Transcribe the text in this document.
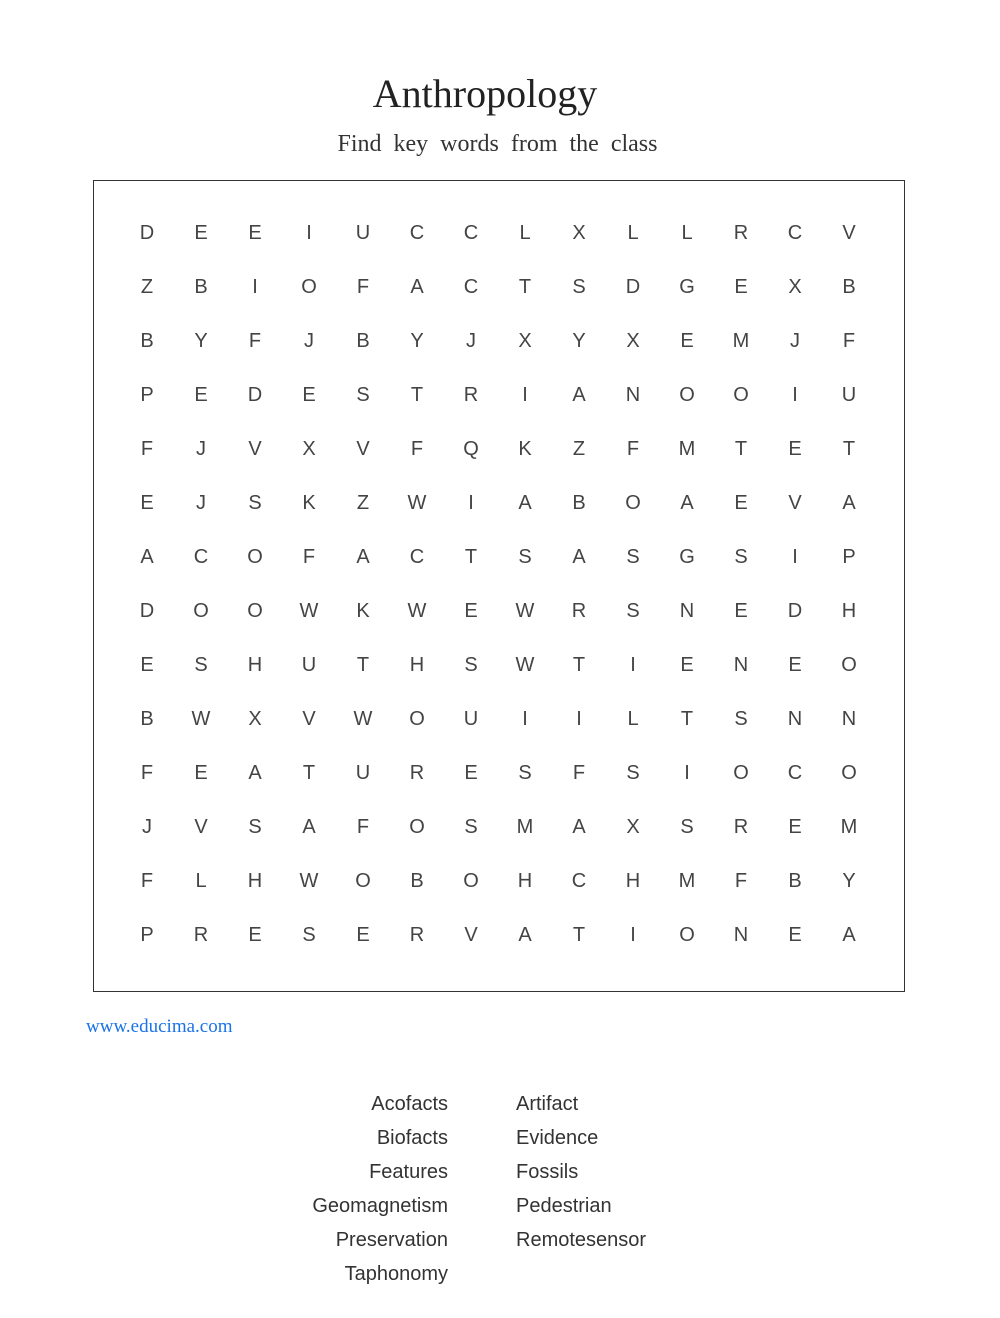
Anthropology
Find key words from the class
D	E	E	I	U	C	C	L	X	L	L	R	C	V
Z	B	I	O	F	A	C	T	S	D	G	E	X	B
B	Y	F	J	B	Y	J	X	Y	X	E	M	J	F
P	E	D	E	S	T	R	I	A	N	O	O	I	U
F	J	V	X	V	F	Q	K	Z	F	M	T	E	T
E	J	S	K	Z	W	I	A	B	O	A	E	V	A
A	C	O	F	A	C	T	S	A	S	G	S	I	P
D	O	O	W	K	W	E	W	R	S	N	E	D	H
E	S	H	U	T	H	S	W	T	I	E	N	E	O
B	W	X	V	W	O	U	I	I	L	T	S	N	N
F	E	A	T	U	R	E	S	F	S	I	O	C	O
J	V	S	A	F	O	S	M	A	X	S	R	E	M
F	L	H	W	O	B	O	H	C	H	M	F	B	Y
P	R	E	S	E	R	V	A	T	I	O	N	E	A
www.educima.com
Acofacts
Biofacts
Features
Geomagnetism
Preservation
Taphonomy
Artifact
Evidence
Fossils
Pedestrian
Remotesensor
